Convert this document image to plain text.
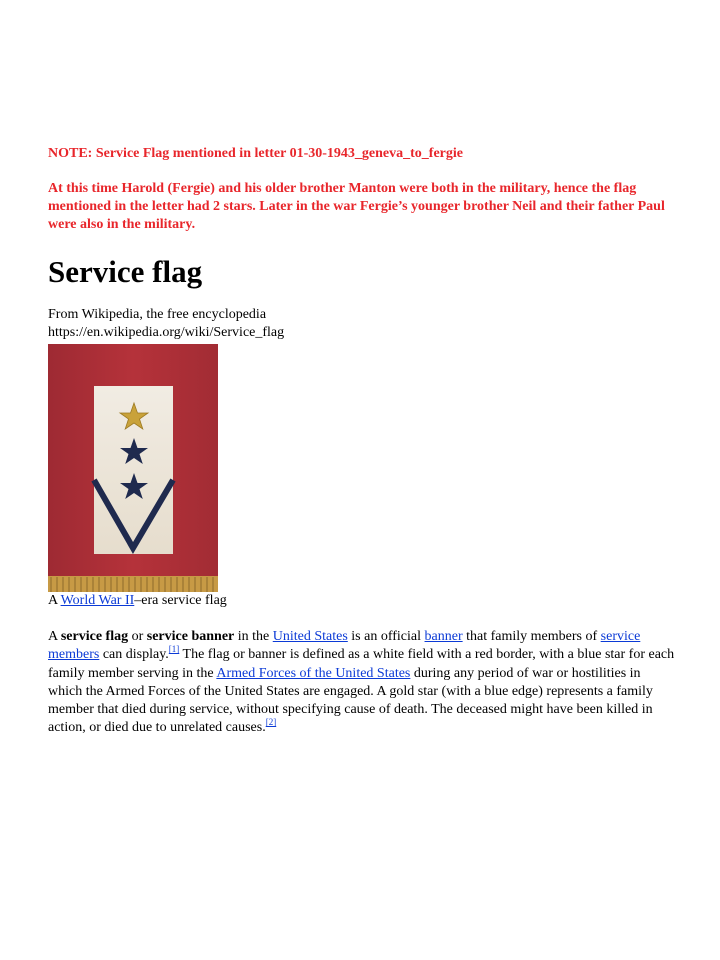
NOTE: Service Flag mentioned in letter 01-30-1943_geneva_to_fergie

At this time Harold (Fergie) and his older brother Manton were both in the military, hence the flag mentioned in the letter had 2 stars. Later in the war Fergie’s younger brother Neil and their father Paul were also in the military.

Service flag
From Wikipedia, the free encyclopedia
https://en.wikipedia.org/wiki/Service_flag
A World War II–era service flag
A service flag or service banner in the United States is an official banner that family members of service members can display.[1] The flag or banner is defined as a white field with a red border, with a blue star for each family member serving in the Armed Forces of the United States during any period of war or hostilities in which the Armed Forces of the United States are engaged. A gold star (with a blue edge) represents a family member that died during service, without specifying cause of death. The deceased might have been killed in action, or died due to unrelated causes.[2]
